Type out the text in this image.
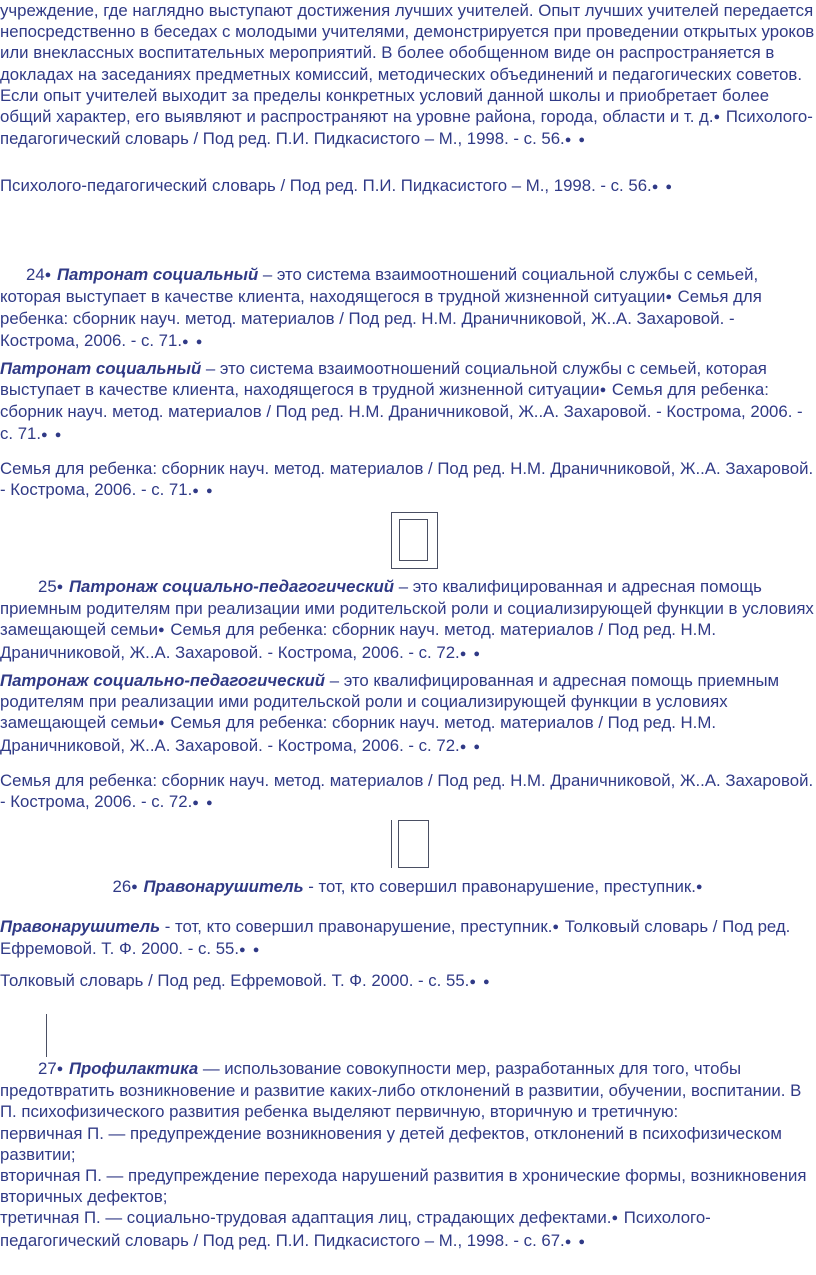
учреждение, где наглядно выступают достижения лучших учителей. Опыт лучших учителей передается непосредственно в беседах с молодыми учителями, демонстрируется при проведении открытых уроков или внеклассных воспитательных мероприятий. В более обобщенном виде он распространяется в докладах на заседаниях предметных комиссий, методических объединений и педагогических советов. Если опыт учителей выходит за пределы конкретных условий данной школы и приобретает более общий характер, его выявляют и распространяют на уровне района, города, области и т. д.● Психолого-педагогический словарь / Под ред. П.И. Пидкасистого – М., 1998. - с. 56.● ●

Психолого-педагогический словарь / Под ред. П.И. Пидкасистого – М., 1998. - с. 56.● ●

24● Патронат социальный – это система взаимоотношений социальной службы с семьей, которая выступает в качестве клиента, находящегося в трудной жизненной ситуации● Семья для ребенка: сборник науч. метод. материалов / Под ред. Н.М. Драничниковой, Ж..А. Захаровой. - Кострома, 2006. - с. 71.● ●

Патронат социальный – это система взаимоотношений социальной службы с семьей, которая выступает в качестве клиента, находящегося в трудной жизненной ситуации● Семья для ребенка: сборник науч. метод. материалов / Под ред. Н.М. Драничниковой, Ж..А. Захаровой. - Кострома, 2006. - с. 71.● ●

Семья для ребенка: сборник науч. метод. материалов / Под ред. Н.М. Драничниковой, Ж..А. Захаровой. - Кострома, 2006. - с. 71.● ●

25● Патронаж социально-педагогический – это квалифицированная и адресная помощь приемным родителям при реализации ими родительской роли и социализирующей функции в условиях замещающей семьи● Семья для ребенка: сборник науч. метод. материалов / Под ред. Н.М. Драничниковой, Ж..А. Захаровой. - Кострома, 2006. - с. 72.● ●

Патронаж социально-педагогический – это квалифицированная и адресная помощь приемным родителям при реализации ими родительской роли и социализирующей функции в условиях замещающей семьи● Семья для ребенка: сборник науч. метод. материалов / Под ред. Н.М. Драничниковой, Ж..А. Захаровой. - Кострома, 2006. - с. 72.● ●

Семья для ребенка: сборник науч. метод. материалов / Под ред. Н.М. Драничниковой, Ж..А. Захаровой. - Кострома, 2006. - с. 72.● ●

26● Правонарушитель - тот, кто совершил правонарушение, преступник.●

Правонарушитель - тот, кто совершил правонарушение, преступник.● Толковый словарь / Под ред. Ефремовой. Т. Ф. 2000. - с. 55.● ●

Толковый словарь / Под ред. Ефремовой. Т. Ф. 2000. - с. 55.● ●

27● Профилактика — использование совокупности мер, разработанных для того, чтобы предотвратить возникновение и развитие каких-либо отклонений в развитии, обучении, воспитании. В П. психофизического развития ребенка выделяют первичную, вторичную и третичную:

первичная П. — предупреждение возникновения у детей дефектов, отклонений в психофизическом развитии;

вторичная П. — предупреждение перехода нарушений развития в хронические формы, возникновения вторичных дефектов;

третичная П. — социально-трудовая адаптация лиц, страдающих дефектами.● Психолого-педагогический словарь / Под ред. П.И. Пидкасистого – М., 1998. - с. 67.● ●
